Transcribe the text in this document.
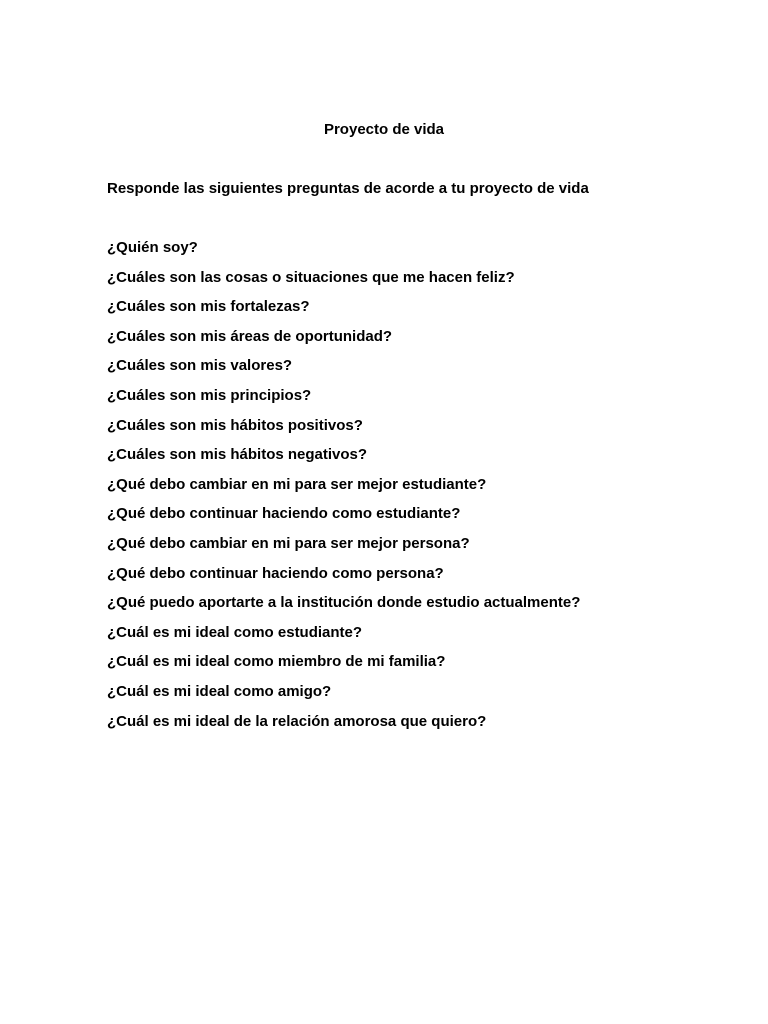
Proyecto de vida

Responde las siguientes preguntas de acorde a tu proyecto de vida

¿Quién soy?
¿Cuáles son las cosas o situaciones que me hacen feliz?
¿Cuáles son mis fortalezas?
¿Cuáles son mis áreas de oportunidad?
¿Cuáles son mis valores?
¿Cuáles son mis principios?
¿Cuáles son mis hábitos positivos?
¿Cuáles son mis hábitos negativos?
¿Qué debo cambiar en mi para ser mejor estudiante?
¿Qué debo continuar haciendo como estudiante?
¿Qué debo cambiar en mi para ser mejor persona?
¿Qué debo continuar haciendo como persona?
¿Qué puedo aportarte a la institución donde estudio actualmente?
¿Cuál es mi ideal como estudiante?
¿Cuál es mi ideal como miembro de mi familia?
¿Cuál es mi ideal como amigo?
¿Cuál es mi ideal de la relación amorosa que quiero?
